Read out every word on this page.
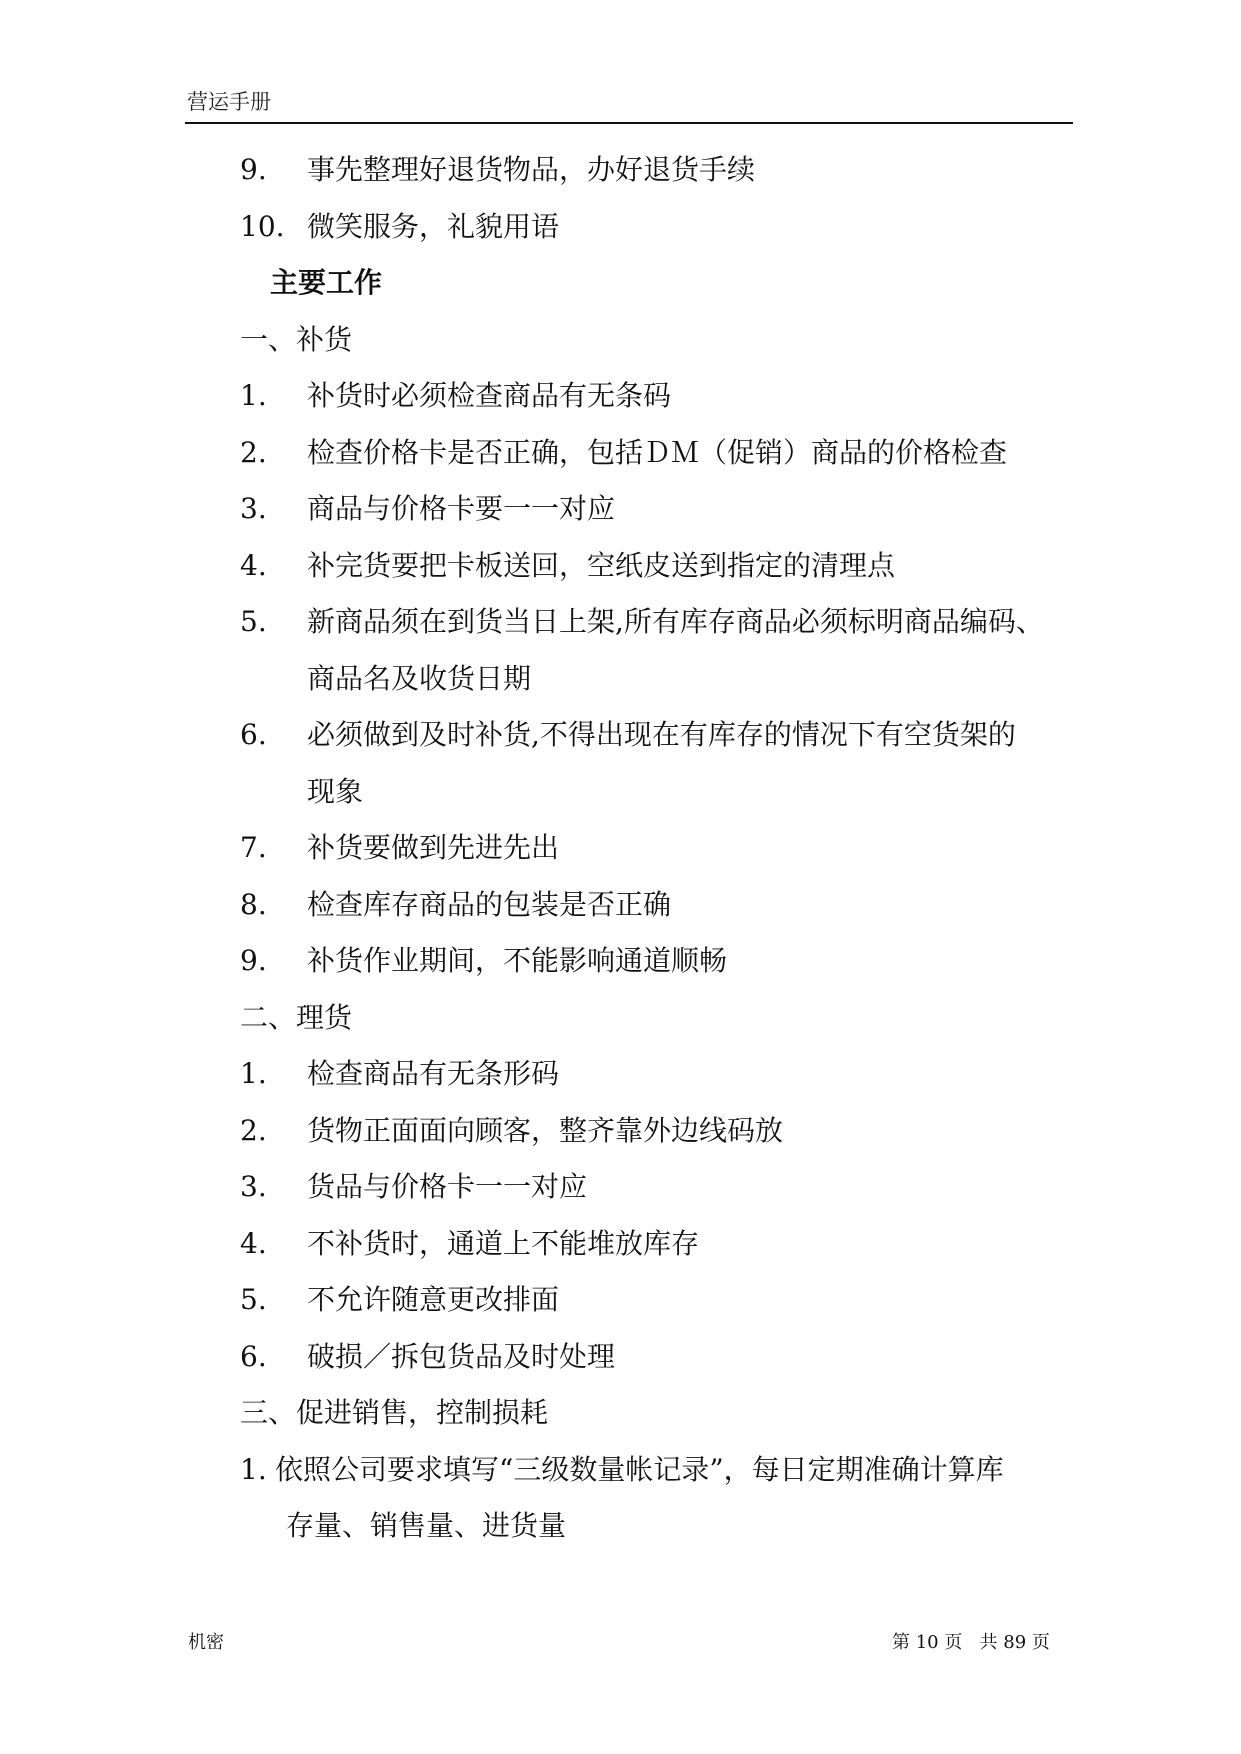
营运手册
9. 事先整理好退货物品，办好退货手续
10. 微笑服务，礼貌用语
主要工作
一、补货
1. 补货时必须检查商品有无条码
2. 检查价格卡是否正确，包括ＤＭ（促销）商品的价格检查
3. 商品与价格卡要一一对应
4. 补完货要把卡板送回，空纸皮送到指定的清理点
5. 新商品须在到货当日上架,所有库存商品必须标明商品编码、
商品名及收货日期
6. 必须做到及时补货,不得出现在有库存的情况下有空货架的
现象
7. 补货要做到先进先出
8. 检查库存商品的包装是否正确
9. 补货作业期间，不能影响通道顺畅
二、理货
1. 检查商品有无条形码
2. 货物正面面向顾客，整齐靠外边线码放
3. 货品与价格卡一一对应
4. 不补货时，通道上不能堆放库存
5. 不允许随意更改排面
6. 破损／拆包货品及时处理
三、促进销售，控制损耗
1. 依照公司要求填写“三级数量帐记录”，每日定期准确计算库
存量、销售量、进货量
机密	第 10 页 共 89 页
